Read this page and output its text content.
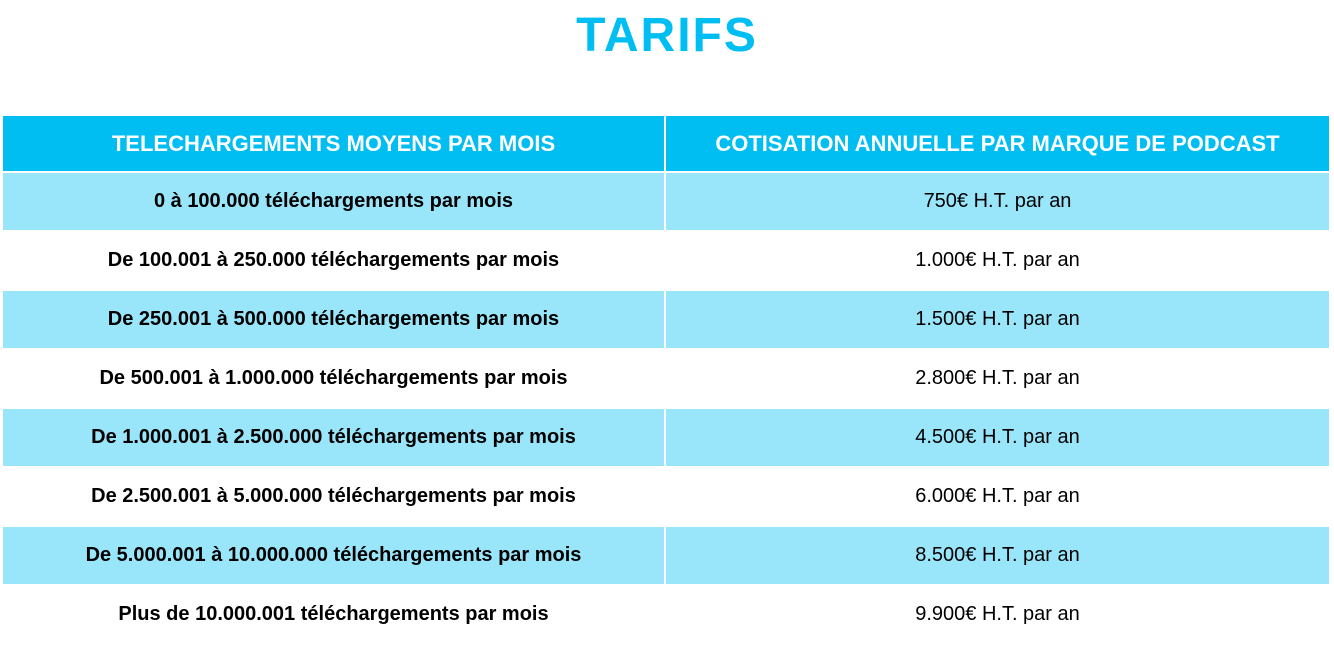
TARIFS
TELECHARGEMENTS MOYENS PAR MOIS	COTISATION ANNUELLE PAR MARQUE DE PODCAST
0 à 100.000 téléchargements par mois	750€ H.T. par an
De 100.001 à 250.000 téléchargements par mois	1.000€ H.T. par an
De 250.001 à 500.000 téléchargements par mois	1.500€ H.T. par an
De 500.001 à 1.000.000 téléchargements par mois	2.800€ H.T. par an
De 1.000.001 à 2.500.000 téléchargements par mois	4.500€ H.T. par an
De 2.500.001 à 5.000.000 téléchargements par mois	6.000€ H.T. par an
De 5.000.001 à 10.000.000 téléchargements par mois	8.500€ H.T. par an
Plus de 10.000.001 téléchargements par mois	9.900€ H.T. par an
